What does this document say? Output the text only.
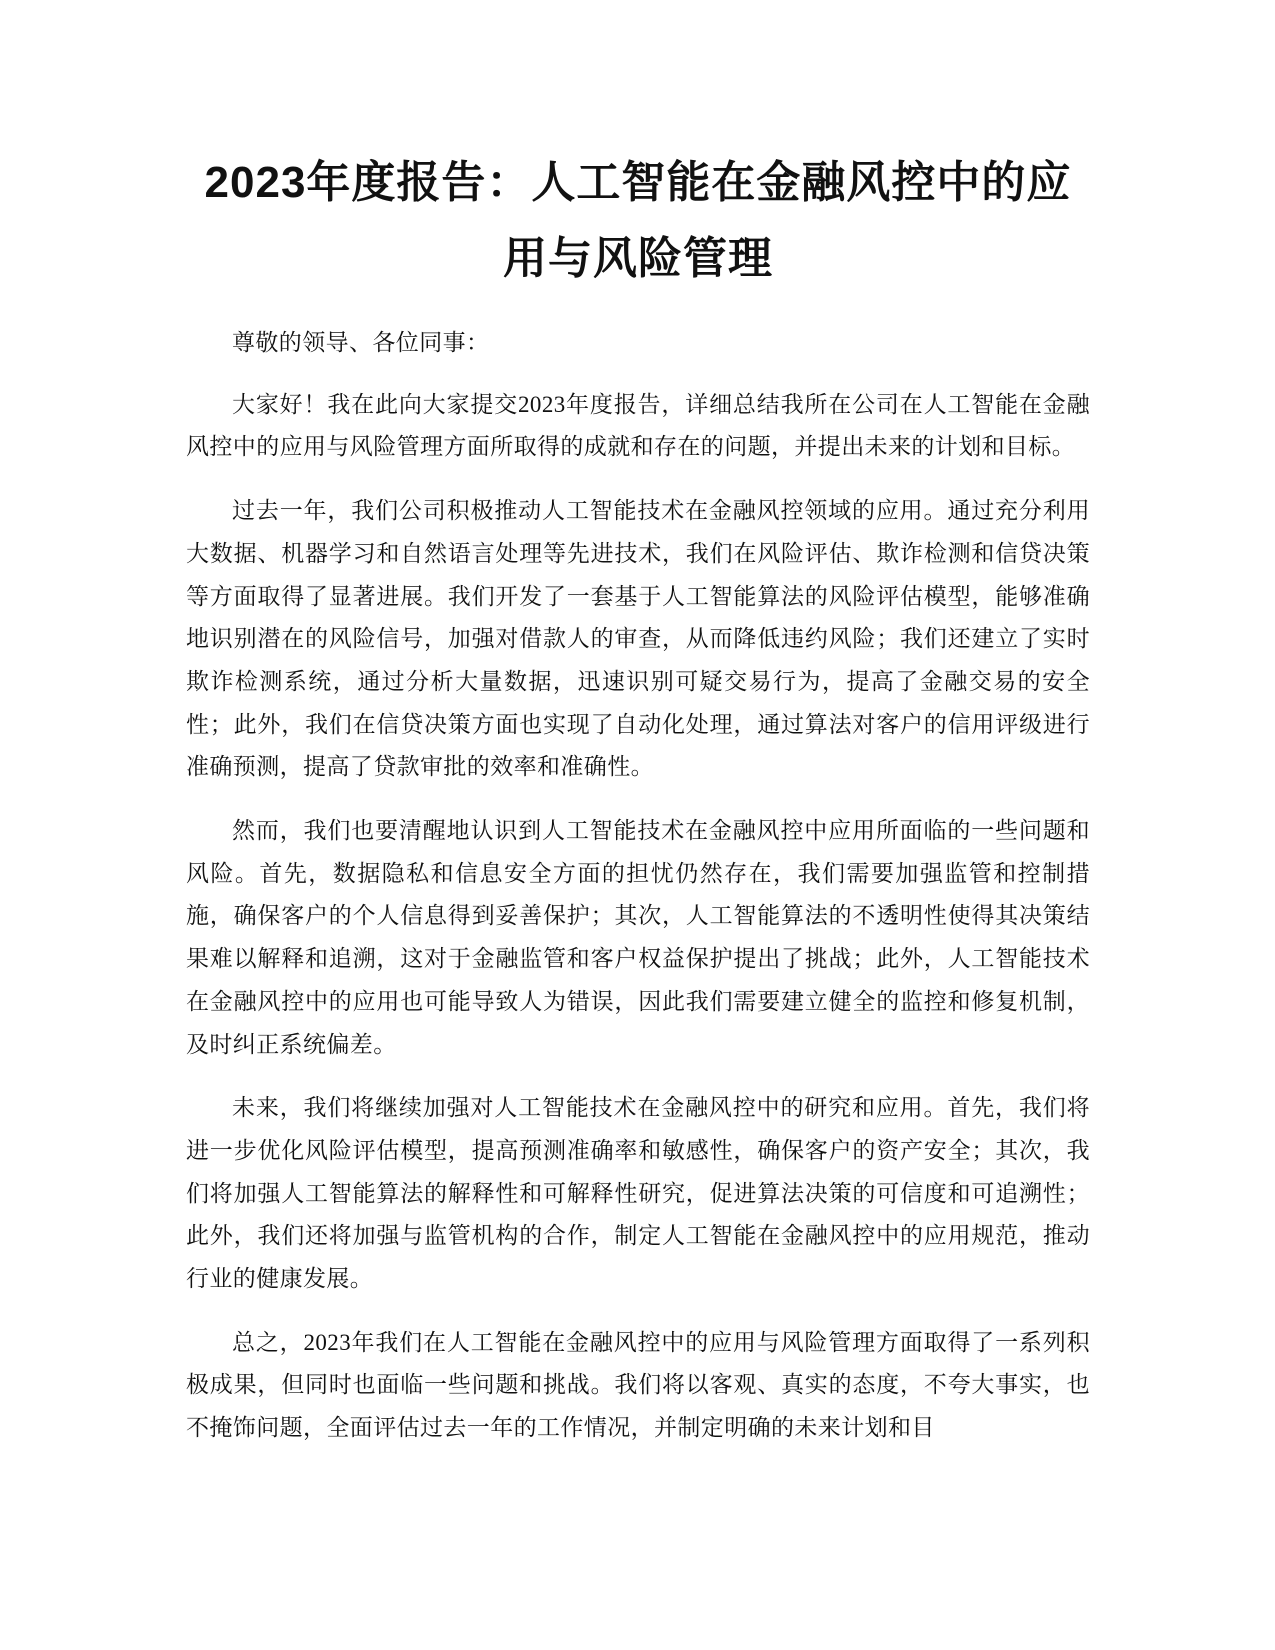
2023年度报告：人工智能在金融风控中的应用与风险管理

尊敬的领导、各位同事：

大家好！我在此向大家提交2023年度报告，详细总结我所在公司在人工智能在金融风控中的应用与风险管理方面所取得的成就和存在的问题，并提出未来的计划和目标。

过去一年，我们公司积极推动人工智能技术在金融风控领域的应用。通过充分利用大数据、机器学习和自然语言处理等先进技术，我们在风险评估、欺诈检测和信贷决策等方面取得了显著进展。我们开发了一套基于人工智能算法的风险评估模型，能够准确地识别潜在的风险信号，加强对借款人的审查，从而降低违约风险；我们还建立了实时欺诈检测系统，通过分析大量数据，迅速识别可疑交易行为，提高了金融交易的安全性；此外，我们在信贷决策方面也实现了自动化处理，通过算法对客户的信用评级进行准确预测，提高了贷款审批的效率和准确性。

然而，我们也要清醒地认识到人工智能技术在金融风控中应用所面临的一些问题和风险。首先，数据隐私和信息安全方面的担忧仍然存在，我们需要加强监管和控制措施，确保客户的个人信息得到妥善保护；其次，人工智能算法的不透明性使得其决策结果难以解释和追溯，这对于金融监管和客户权益保护提出了挑战；此外，人工智能技术在金融风控中的应用也可能导致人为错误，因此我们需要建立健全的监控和修复机制，及时纠正系统偏差。

未来，我们将继续加强对人工智能技术在金融风控中的研究和应用。首先，我们将进一步优化风险评估模型，提高预测准确率和敏感性，确保客户的资产安全；其次，我们将加强人工智能算法的解释性和可解释性研究，促进算法决策的可信度和可追溯性；此外，我们还将加强与监管机构的合作，制定人工智能在金融风控中的应用规范，推动行业的健康发展。

总之，2023年我们在人工智能在金融风控中的应用与风险管理方面取得了一系列积极成果，但同时也面临一些问题和挑战。我们将以客观、真实的态度，不夸大事实，也不掩饰问题，全面评估过去一年的工作情况，并制定明确的未来计划和目
